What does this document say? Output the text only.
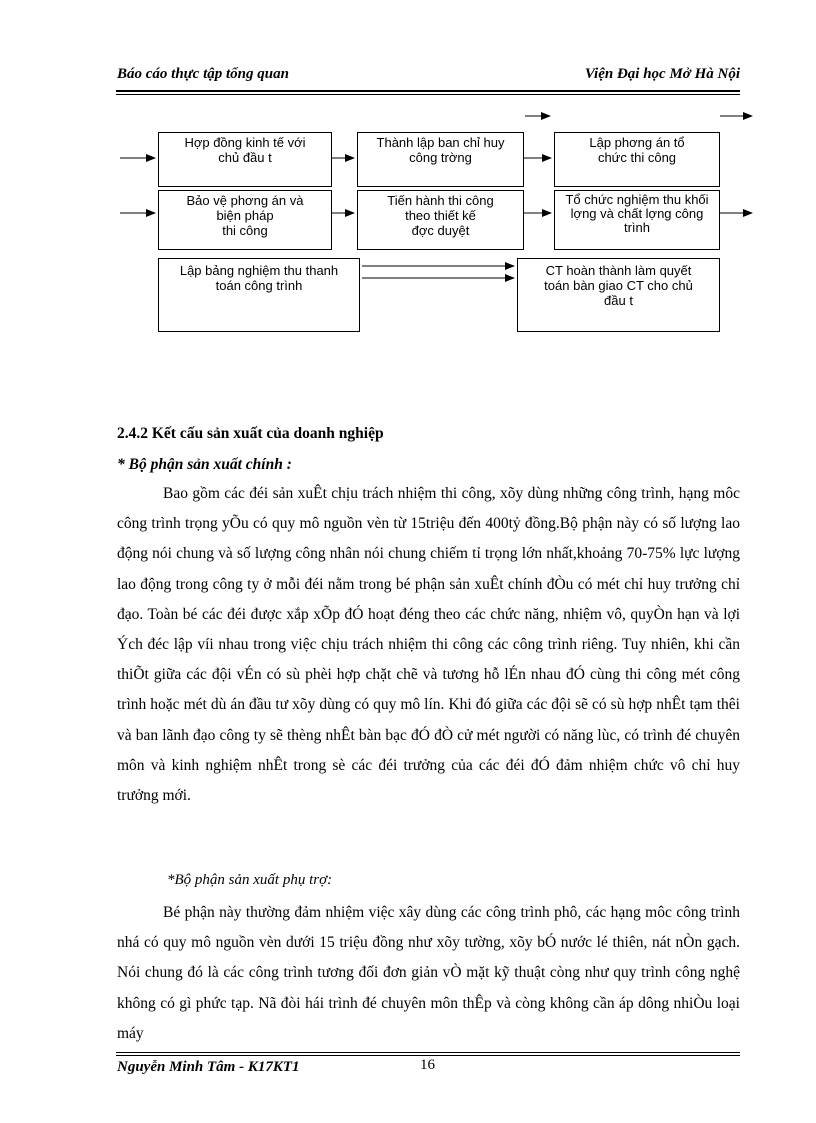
Báo cáo thực tập tổng quan	Viện Đại học Mở Hà Nội
Hợp đồng kinh tế với
chủ đầu t
Thành lập ban chỉ huy
công trờng
Lập phơng án tổ
chức thi công
Bảo vệ phơng án và
biện pháp
thi công
Tiến hành thi công
theo thiết kế
đợc duyệt
Tổ chức nghiệm thu khối
lợng và chất lợng công
trình
Lập bảng nghiệm thu thanh
toán công trình
CT hoàn thành làm quyết
toán bàn giao CT cho chủ
đầu t
2.4.2 Kết cấu sản xuất của doanh nghiệp
* Bộ phận sản xuất chính :

Bao gồm các đéi sản xuÊt chịu trách nhiệm thi công, xõy dùng những công trình, hạng môc công trình trọng yÕu có quy mô nguồn vèn từ 15triệu đến 400tỷ đồng.Bộ phận này có số lượng lao động nói chung và số lượng công nhân nói chung chiếm tỉ trọng lớn nhất,khoảng 70-75% lực lượng lao động trong công ty ở mỗi đéi nằm trong bé phận sản xuÊt chính đÒu có mét chỉ huy trưởng chỉ đạo. Toàn bé các đéi được xắp xÕp đÓ hoạt đéng theo các chức năng, nhiệm vô, quyÒn hạn và lợi Ých đéc lập víi nhau trong việc chịu trách nhiệm thi công các công trình riêng. Tuy nhiên, khi cần thiÕt giữa các đội vÉn có sù phèi hợp chặt chẽ và tương hỗ lÉn nhau đÓ cùng thi công mét công trình hoặc mét dù án đầu tư xõy dùng có quy mô lín. Khi đó giữa các đội sẽ có sù hợp nhÊt tạm thêi và ban lãnh đạo công ty sẽ thèng nhÊt bàn bạc đÓ đÒ cử mét người có năng lùc, có trình đé chuyên môn và kinh nghiệm nhÊt trong sè các đéi trưởng của các đéi đÓ đảm nhiệm chức vô chỉ huy trưởng mới.

*Bộ phận sản xuất phụ trợ:

Bé phận này thường đảm nhiệm việc xây dùng các công trình phô, các hạng môc công trình nhá có quy mô nguồn vèn dưới 15 triệu đồng như xõy tường, xõy bÓ nước lé thiên, nát nÒn gạch. Nói chung đó là các công trình tương đối đơn giản vÒ mặt kỹ thuật còng như quy trình công nghệ không có gì phức tạp. Nã đòi hái trình đé chuyên môn thÊp và còng không cần áp dông nhiÒu loại máy

Nguyễn Minh Tâm - K17KT1	16
